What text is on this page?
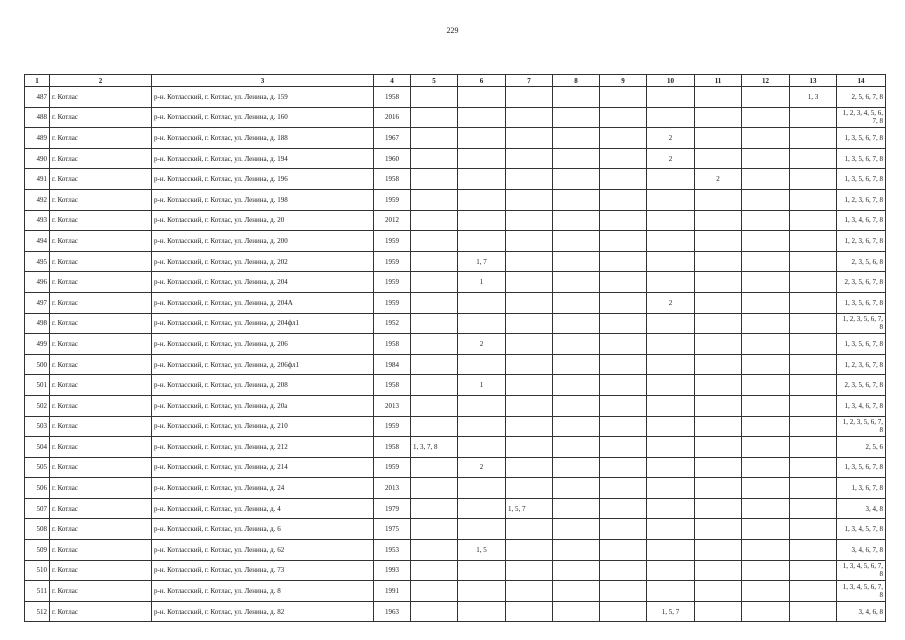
229
1	2	3	4	5	6	7	8	9	10	11	12	13	14
487	г. Котлас	р-н. Котласский, г. Котлас, ул. Ленина, д. 159	1958									1, 3	2, 5, 6, 7, 8
488	г. Котлас	р-н. Котласский, г. Котлас, ул. Ленина, д. 160	2016										1, 2, 3, 4, 5, 6, 7, 8
489	г. Котлас	р-н. Котласский, г. Котлас, ул. Ленина, д. 188	1967						2				1, 3, 5, 6, 7, 8
490	г. Котлас	р-н. Котласский, г. Котлас, ул. Ленина, д. 194	1960						2				1, 3, 5, 6, 7, 8
491	г. Котлас	р-н. Котласский, г. Котлас, ул. Ленина, д. 196	1958							2			1, 3, 5, 6, 7, 8
492	г. Котлас	р-н. Котласский, г. Котлас, ул. Ленина, д. 198	1959										1, 2, 3, 6, 7, 8
493	г. Котлас	р-н. Котласский, г. Котлас, ул. Ленина, д. 20	2012										1, 3, 4, 6, 7, 8
494	г. Котлас	р-н. Котласский, г. Котлас, ул. Ленина, д. 200	1959										1, 2, 3, 6, 7, 8
495	г. Котлас	р-н. Котласский, г. Котлас, ул. Ленина, д. 202	1959		1, 7								2, 3, 5, 6, 8
496	г. Котлас	р-н. Котласский, г. Котлас, ул. Ленина, д. 204	1959		1								2, 3, 5, 6, 7, 8
497	г. Котлас	р-н. Котласский, г. Котлас, ул. Ленина, д. 204А	1959						2				1, 3, 5, 6, 7, 8
498	г. Котлас	р-н. Котласский, г. Котлас, ул. Ленина, д. 204фл1	1952										1, 2, 3, 5, 6, 7, 8
499	г. Котлас	р-н. Котласский, г. Котлас, ул. Ленина, д. 206	1958		2								1, 3, 5, 6, 7, 8
500	г. Котлас	р-н. Котласский, г. Котлас, ул. Ленина, д. 206фл1	1984										1, 2, 3, 6, 7, 8
501	г. Котлас	р-н. Котласский, г. Котлас, ул. Ленина, д. 208	1958		1								2, 3, 5, 6, 7, 8
502	г. Котлас	р-н. Котласский, г. Котлас, ул. Ленина, д. 20а	2013										1, 3, 4, 6, 7, 8
503	г. Котлас	р-н. Котласский, г. Котлас, ул. Ленина, д. 210	1959										1, 2, 3, 5, 6, 7, 8
504	г. Котлас	р-н. Котласский, г. Котлас, ул. Ленина, д. 212	1958	1, 3, 7, 8									2, 5, 6
505	г. Котлас	р-н. Котласский, г. Котлас, ул. Ленина, д. 214	1959		2								1, 3, 5, 6, 7, 8
506	г. Котлас	р-н. Котласский, г. Котлас, ул. Ленина, д. 24	2013										1, 3, 6, 7, 8
507	г. Котлас	р-н. Котласский, г. Котлас, ул. Ленина, д. 4	1979			1, 5, 7							3, 4, 8
508	г. Котлас	р-н. Котласский, г. Котлас, ул. Ленина, д. 6	1975										1, 3, 4, 5, 7, 8
509	г. Котлас	р-н. Котласский, г. Котлас, ул. Ленина, д. 62	1953		1, 5								3, 4, 6, 7, 8
510	г. Котлас	р-н. Котласский, г. Котлас, ул. Ленина, д. 73	1993										1, 3, 4, 5, 6, 7, 8
511	г. Котлас	р-н. Котласский, г. Котлас, ул. Ленина, д. 8	1991										1, 3, 4, 5, 6, 7, 8
512	г. Котлас	р-н. Котласский, г. Котлас, ул. Ленина, д. 82	1963						1, 5, 7				3, 4, 6, 8
